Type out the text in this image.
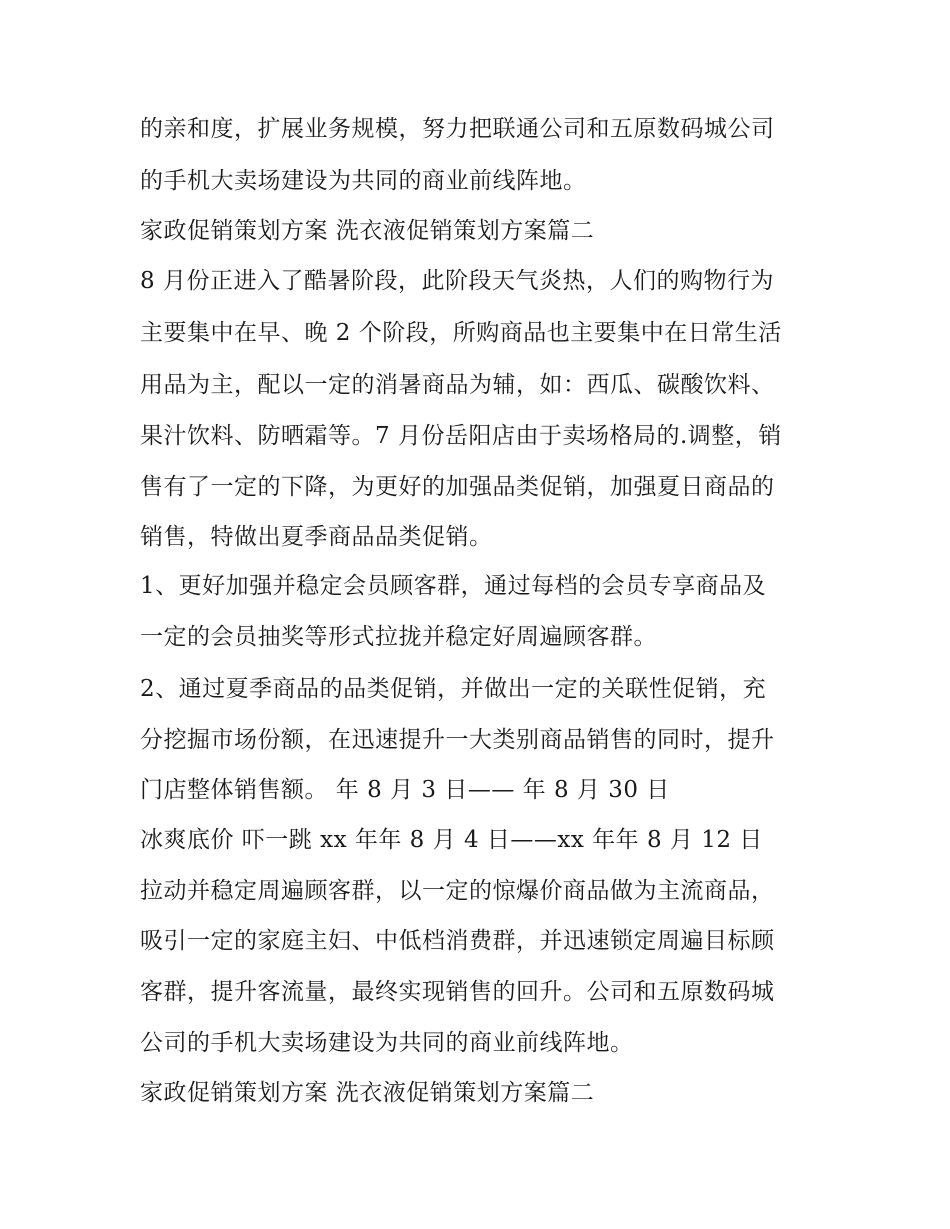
的亲和度，扩展业务规模，努力把联通公司和五原数码城公司

的手机大卖场建设为共同的商业前线阵地。

家政促销策划方案 洗衣液促销策划方案篇二

8 月份正进入了酷暑阶段，此阶段天气炎热，人们的购物行为

主要集中在早、晚 2 个阶段，所购商品也主要集中在日常生活

用品为主，配以一定的消暑商品为辅，如：西瓜、碳酸饮料、

果汁饮料、防晒霜等。7 月份岳阳店由于卖场格局的.调整，销

售有了一定的下降，为更好的加强品类促销，加强夏日商品的

销售，特做出夏季商品品类促销。

1、更好加强并稳定会员顾客群，通过每档的会员专享商品及

一定的会员抽奖等形式拉拢并稳定好周遍顾客群。

2、通过夏季商品的品类促销，并做出一定的关联性促销，充

分挖掘市场份额，在迅速提升一大类别商品销售的同时，提升

门店整体销售额。 年 8 月 3 日—— 年 8 月 30 日

冰爽底价 吓一跳 xx 年年 8 月 4 日——xx 年年 8 月 12 日

拉动并稳定周遍顾客群，以一定的惊爆价商品做为主流商品，

吸引一定的家庭主妇、中低档消费群，并迅速锁定周遍目标顾

客群，提升客流量，最终实现销售的回升。公司和五原数码城

公司的手机大卖场建设为共同的商业前线阵地。

家政促销策划方案 洗衣液促销策划方案篇二
